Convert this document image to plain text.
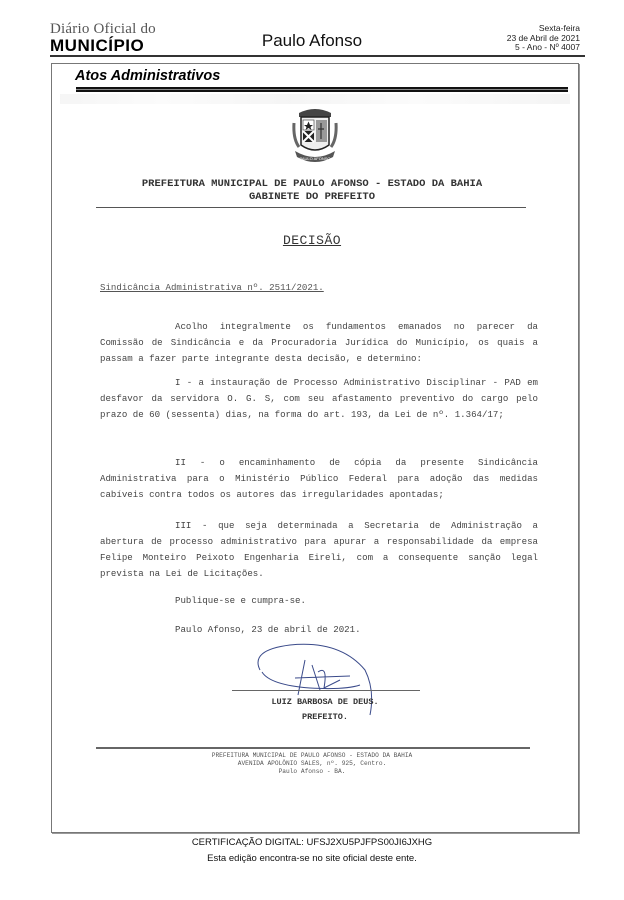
Diário Oficial do
MUNICÍPIO	Paulo Afonso
Sexta-feira
23 de Abril de 2021
5 - Ano - Nº 4007
Atos Administrativos
PAULO AFONSO
PREFEITURA MUNICIPAL DE PAULO AFONSO - ESTADO DA BAHIA
GABINETE DO PREFEITO
DECISÃO
Sindicância Administrativa nº. 2511/2021.
Acolho integralmente os fundamentos emanados no parecer da Comissão de Sindicância e da Procuradoria Jurídica do Município, os quais a passam a fazer parte integrante desta decisão, e determino:
I - a instauração de Processo Administrativo Disciplinar - PAD em desfavor da servidora O. G. S, com seu afastamento preventivo do cargo pelo prazo de 60 (sessenta) dias, na forma do art. 193, da Lei de nº. 1.364/17;
II - o encaminhamento de cópia da presente Sindicância Administrativa para o Ministério Público Federal para adoção das medidas cabíveis contra todos os autores das irregularidades apontadas;
III - que seja determinada a Secretaria de Administração a abertura de processo administrativo para apurar a responsabilidade da empresa Felipe Monteiro Peixoto Engenharia Eireli, com a consequente sanção legal prevista na Lei de Licitações.
Publique-se e cumpra-se.
Paulo Afonso, 23 de abril de 2021.
LUIZ BARBOSA DE DEUS.
PREFEITO.
PREFEITURA MUNICIPAL DE PAULO AFONSO - ESTADO DA BAHIA
AVENIDA APOLÔNIO SALES, nº. 925, Centro.
Paulo Afonso - BA.
CERTIFICAÇÃO DIGITAL: UFSJ2XU5PJFPS00JI6JXHG
Esta edição encontra-se no site oficial deste ente.
